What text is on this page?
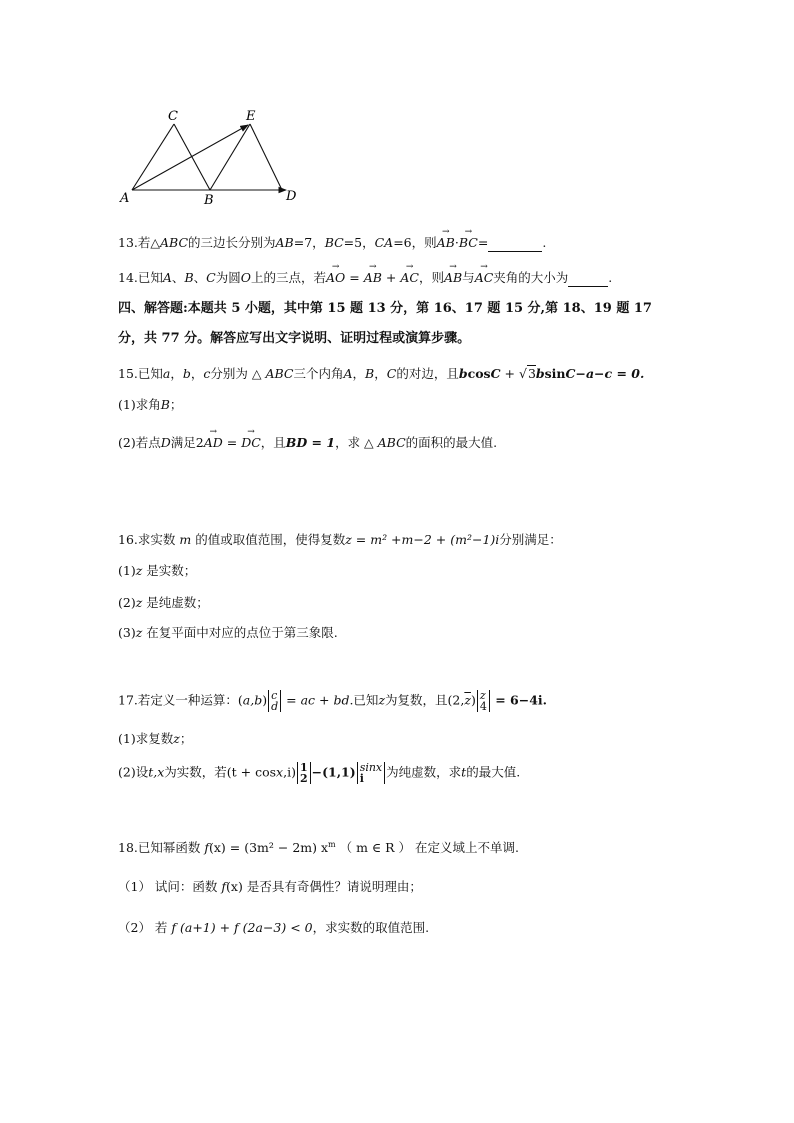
A
C
B
E
D
13.若△ABC的三边长分别为AB=7，BC=5，CA=6，则→ AB·→ BC=	.
14.已知A、B、C为圆O上的三点，若→ AO = → AB + → AC，则→ AB与→ AC夹角的大小为	.
四、解答题:本题共 5 小题，其中第 15 题 13 分，第 16、17 题 15 分,第 18、19 题 17
分，共 77 分。解答应写出文字说明、证明过程或演算步骤。
15.已知a，b，c分别为 △ ABC三个内角A，B，C的对边，且bcosC + √3bsinC−a−c = 0.
(1)求角B；
(2)若点D满足2→ AD = → DC，且BD = 1，求 △ ABC的面积的最大值.
16.求实数 m 的值或取值范围，使得复数z = m² +m−2 + (m²−1)i分别满足：
(1)z 是实数；
(2)z 是纯虚数；
(3)z 在复平面中对应的点位于第三象限.
17.若定义一种运算：(a,b) c
d = ac + bd.已知z为复数，且$(2,\overline{z})$ z
4 = 6−4i.
(1)求复数z；
(2)设t,x为实数，若(t + cosx,i) 1
2 −(1,1) sinx
i	为纯虚数，求t的最大值.
18.已知幂函数 f(x) = (3m² − 2m) $x^m$ （ m ∈ R ） 在定义域上不单调.
（1） 试问：函数 f(x) 是否具有奇偶性？请说明理由；
（2） 若 f (a+1) + f (2a−3) < 0，求实数的取值范围.
